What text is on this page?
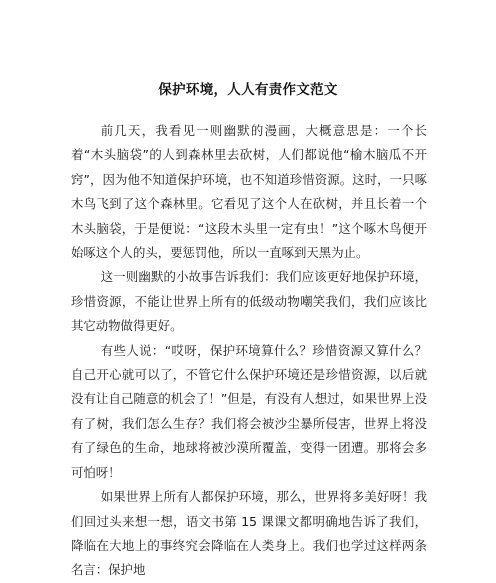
保护环境，人人有责作文范文

前几天，我看见一则幽默的漫画，大概意思是：一个长着“木头脑袋”的人到森林里去砍树，人们都说他“榆木脑瓜不开窍”，因为他不知道保护环境，也不知道珍惜资源。这时，一只啄木鸟飞到了这个森林里。它看见了这个人在砍树，并且长着一个木头脑袋，于是便说：“这段木头里一定有虫！”这个啄木鸟便开始啄这个人的头，要惩罚他，所以一直啄到天黑为止。

这一则幽默的小故事告诉我们：我们应该更好地保护环境，珍惜资源，不能让世界上所有的低级动物嘲笑我们，我们应该比其它动物做得更好。

有些人说：“哎呀，保护环境算什么？珍惜资源又算什么？自己开心就可以了，不管它什么保护环境还是珍惜资源，以后就没有让自己随意的机会了！”但是，有没有人想过，如果世界上没有了树，我们怎么生存？我们将会被沙尘暴所侵害，世界上将没有了绿色的生命，地球将被沙漠所覆盖，变得一团遭。那将会多可怕呀！

如果世界上所有人都保护环境，那么，世界将多美好呀！我们回过头来想一想，语文书第 15 课课文都明确地告诉了我们，降临在大地上的事终究会降临在人类身上。我们也学过这样两条名言：保护地
